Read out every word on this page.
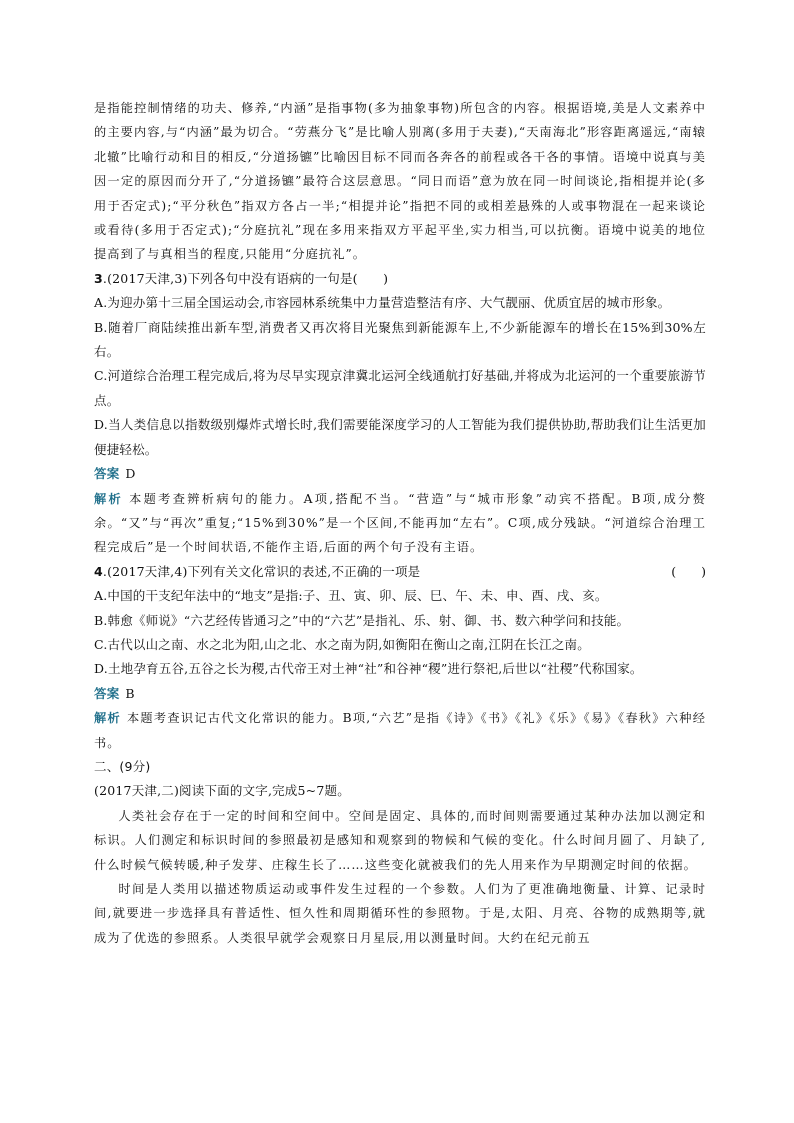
是指能控制情绪的功夫、修养,“内涵”是指事物(多为抽象事物)所包含的内容。根据语境,美是人文素养中的主要内容,与“内涵”最为切合。“劳燕分飞”是比喻人别离(多用于夫妻),“天南海北”形容距离遥远,“南辕北辙”比喻行动和目的相反,“分道扬镳”比喻因目标不同而各奔各的前程或各干各的事情。语境中说真与美因一定的原因而分开了,“分道扬镳”最符合这层意思。“同日而语”意为放在同一时间谈论,指相提并论(多用于否定式);“平分秋色”指双方各占一半;“相提并论”指把不同的或相差悬殊的人或事物混在一起来谈论或看待(多用于否定式);“分庭抗礼”现在多用来指双方平起平坐,实力相当,可以抗衡。语境中说美的地位提高到了与真相当的程度,只能用“分庭抗礼”。

3.(2017天津,3)下列各句中没有语病的一句是(　　)

A.为迎办第十三届全国运动会,市容园林系统集中力量营造整洁有序、大气靓丽、优质宜居的城市形象。

B.随着厂商陆续推出新车型,消费者又再次将目光聚焦到新能源车上,不少新能源车的增长在15%到30%左右。

C.河道综合治理工程完成后,将为尽早实现京津冀北运河全线通航打好基础,并将成为北运河的一个重要旅游节点。

D.当人类信息以指数级别爆炸式增长时,我们需要能深度学习的人工智能为我们提供协助,帮助我们让生活更加便捷轻松。

答案 D

解析 本题考查辨析病句的能力。A项,搭配不当。“营造”与“城市形象”动宾不搭配。B项,成分赘余。“又”与“再次”重复;“15%到30%”是一个区间,不能再加“左右”。C项,成分残缺。“河道综合治理工程完成后”是一个时间状语,不能作主语,后面的两个句子没有主语。

4.(2017天津,4)下列有关文化常识的表述,不正确的一项是	(　　)

A.中国的干支纪年法中的“地支”是指:子、丑、寅、卯、辰、巳、午、未、申、酉、戌、亥。

B.韩愈《师说》“六艺经传皆通习之”中的“六艺”是指礼、乐、射、御、书、数六种学问和技能。

C.古代以山之南、水之北为阳,山之北、水之南为阴,如衡阳在衡山之南,江阴在长江之南。

D.土地孕育五谷,五谷之长为稷,古代帝王对土神“社”和谷神“稷”进行祭祀,后世以“社稷”代称国家。

答案 B

解析 本题考查识记古代文化常识的能力。B项,“六艺”是指《诗》《书》《礼》《乐》《易》《春秋》六种经书。

二、(9分)

(2017天津,二)阅读下面的文字,完成5~7题。

人类社会存在于一定的时间和空间中。空间是固定、具体的,而时间则需要通过某种办法加以测定和标识。人们测定和标识时间的参照最初是感知和观察到的物候和气候的变化。什么时间月圆了、月缺了,什么时候气候转暖,种子发芽、庄稼生长了……这些变化就被我们的先人用来作为早期测定时间的依据。

时间是人类用以描述物质运动或事件发生过程的一个参数。人们为了更准确地衡量、计算、记录时间,就要进一步选择具有普适性、恒久性和周期循环性的参照物。于是,太阳、月亮、谷物的成熟期等,就成为了优选的参照系。人类很早就学会观察日月星辰,用以测量时间。大约在纪元前五
